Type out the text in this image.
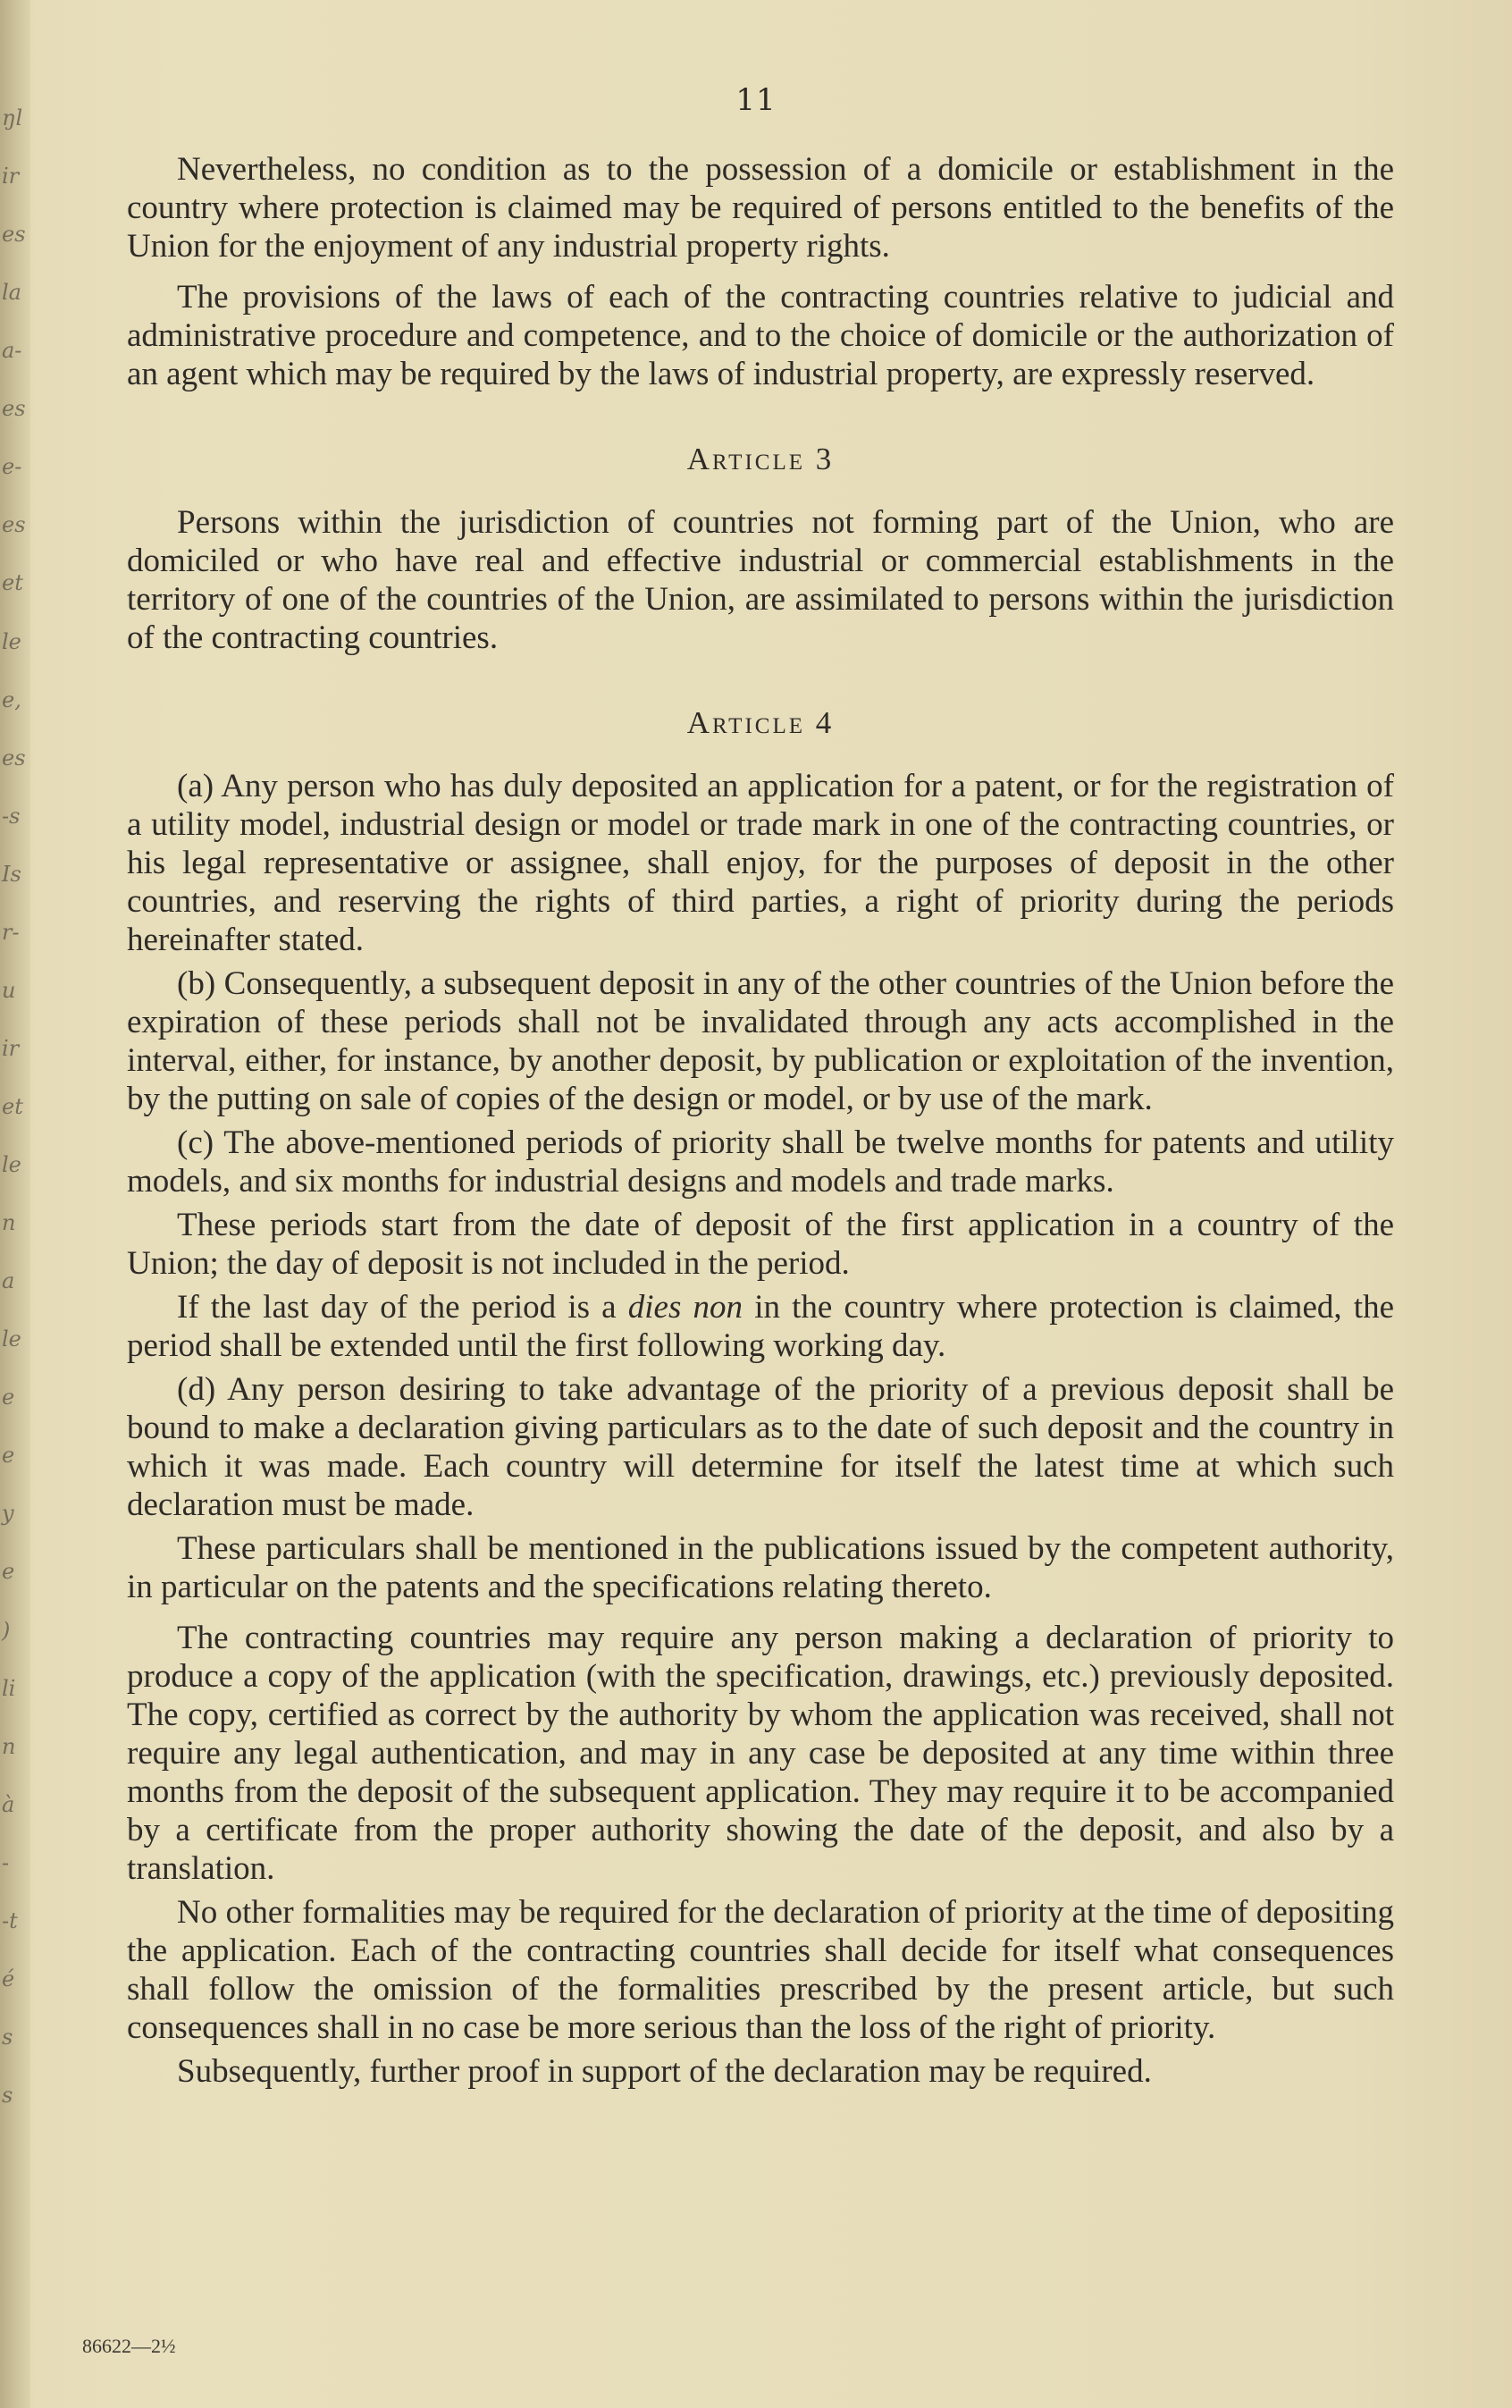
ŋl
ir
es
la
a-
es
e-
es
et
le
e,
es
-s
Is
r-
u
ir
et
le
n
a
le
e
e
y
e
)
li
n
à
-
-t
é
s
s
11

Nevertheless, no condition as to the possession of a domicile or establishment in the country where protection is claimed may be required of persons entitled to the benefits of the Union for the enjoyment of any industrial property rights.

The provisions of the laws of each of the contracting countries relative to judicial and administrative procedure and competence, and to the choice of domicile or the authorization of an agent which may be required by the laws of industrial property, are expressly reserved.

Article 3

Persons within the jurisdiction of countries not forming part of the Union, who are domiciled or who have real and effective industrial or commercial establishments in the territory of one of the countries of the Union, are assimilated to persons within the jurisdiction of the contracting countries.

Article 4

(a) Any person who has duly deposited an application for a patent, or for the registration of a utility model, industrial design or model or trade mark in one of the contracting countries, or his legal representative or assignee, shall enjoy, for the purposes of deposit in the other countries, and reserving the rights of third parties, a right of priority during the periods hereinafter stated.

(b) Consequently, a subsequent deposit in any of the other countries of the Union before the expiration of these periods shall not be invalidated through any acts accomplished in the interval, either, for instance, by another deposit, by publication or exploitation of the invention, by the putting on sale of copies of the design or model, or by use of the mark.

(c) The above-mentioned periods of priority shall be twelve months for patents and utility models, and six months for industrial designs and models and trade marks.

These periods start from the date of deposit of the first application in a country of the Union; the day of deposit is not included in the period.

If the last day of the period is a dies non in the country where protection is claimed, the period shall be extended until the first following working day.

(d) Any person desiring to take advantage of the priority of a previous deposit shall be bound to make a declaration giving particulars as to the date of such deposit and the country in which it was made. Each country will determine for itself the latest time at which such declaration must be made.

These particulars shall be mentioned in the publications issued by the competent authority, in particular on the patents and the specifications relating thereto.

The contracting countries may require any person making a declaration of priority to produce a copy of the application (with the specification, drawings, etc.) previously deposited. The copy, certified as correct by the authority by whom the application was received, shall not require any legal authentication, and may in any case be deposited at any time within three months from the deposit of the subsequent application. They may require it to be accompanied by a certificate from the proper authority showing the date of the deposit, and also by a translation.

No other formalities may be required for the declaration of priority at the time of depositing the application. Each of the contracting countries shall decide for itself what consequences shall follow the omission of the formalities prescribed by the present article, but such consequences shall in no case be more serious than the loss of the right of priority.

Subsequently, further proof in support of the declaration may be required.

86622—2½
